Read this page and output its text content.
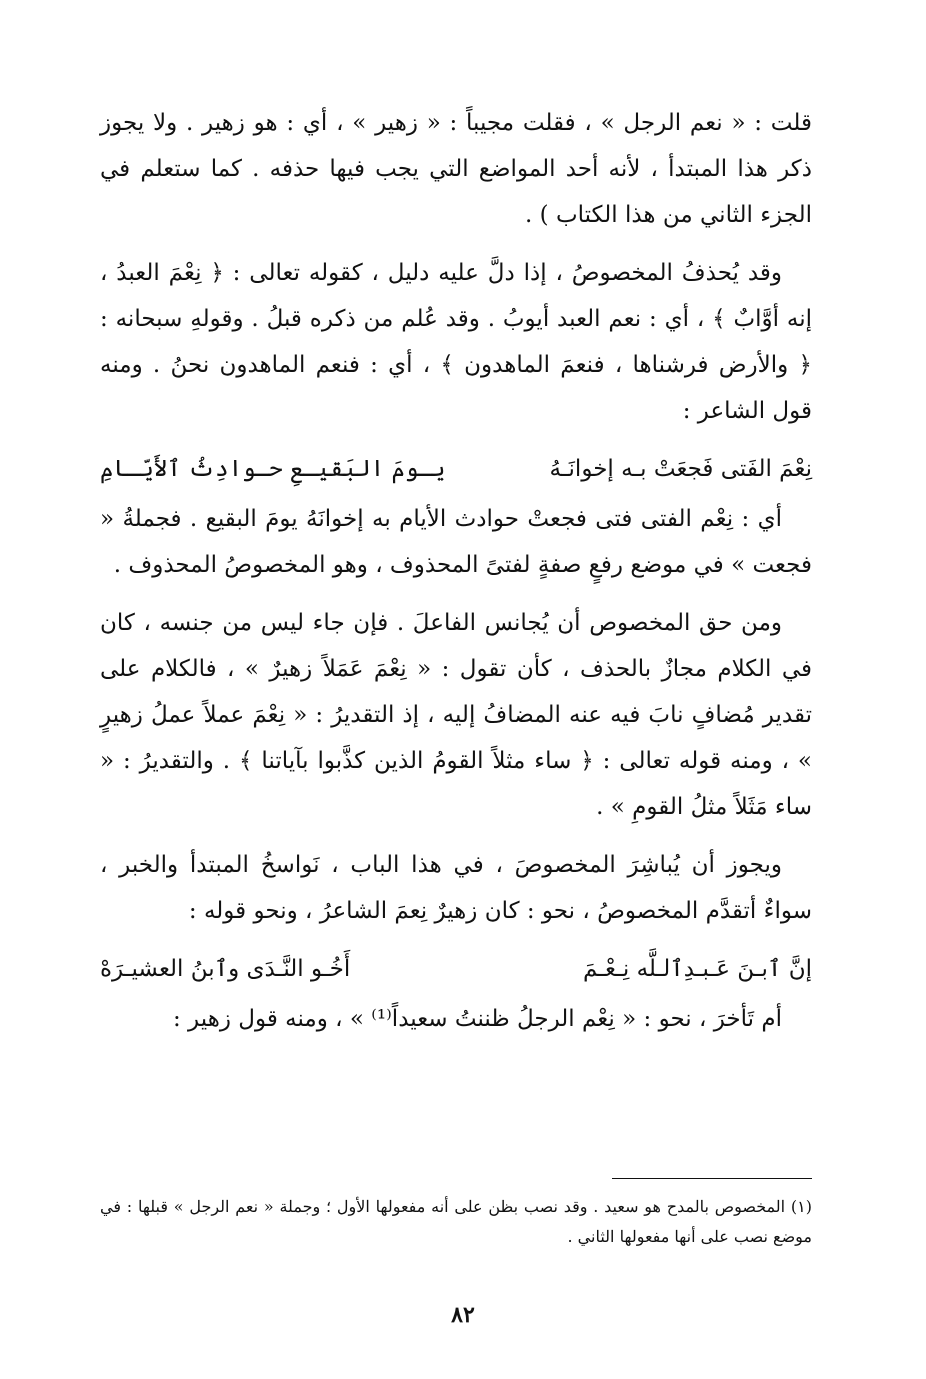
قلت : « نعم الرجل » ، فقلت مجيباً : « زهير » ، أي : هو زهير . ولا يجوز ذكر هذا المبتدأ ، لأنه أحد المواضع التي يجب فيها حذفه . كما ستعلم في الجزء الثاني من هذا الكتاب ) .

وقد يُحذفُ المخصوصُ ، إذا دلَّ عليه دليل ، كقوله تعالى : ﴿ نِعْمَ العبدُ ، إنه أوَّابٌ ﴾ ، أي : نعم العبد أيوبُ . وقد عُلم من ذكره قبلُ . وقولهِ سبحانه : ﴿ والأرض فرشناها ، فنعمَ الماهدون ﴾ ، أي : فنعم الماهدون نحنُ . ومنه قول الشاعر :

نِعْمَ الفَتى فَجعَتْ بـه إخوانَـهُ
يـومَ البَقيـعِ حـوادِثُ ٱلأَيّـامِ

أي : نِعْم الفتى فتى فجعتْ حوادث الأيام به إخوانَهُ يومَ البقيع . فجملةُ « فجعت » في موضع رفعٍ صفةٍ لفتىً المحذوف ، وهو المخصوصُ المحذوف .

ومن حق المخصوص أن يُجانس الفاعلَ . فإن جاء ليس من جنسه ، كان في الكلام مجازٌ بالحذف ، كأن تقول : « نِعْمَ عَمَلاً زهيرٌ » ، فالكلام على تقدير مُضافٍ نابَ فيه عنه المضافُ إليه ، إذ التقديرُ : « نِعْمَ عملاً عملُ زهيرٍ » ، ومنه قوله تعالى : ﴿ ساء مثلاً القومُ الذين كذَّبوا بآياتنا ﴾ . والتقديرُ : « ساء مَثَلاً مثلُ القومِ » .

ويجوز أن يُباشِرَ المخصوصَ ، في هذا الباب ، نَواسخُ المبتدأ والخبر ، سواءٌ أتقدَّم المخصوصُ ، نحو : كان زهيرٌ نِعمَ الشاعرُ ، ونحو قوله :

إنَّ ٱبـنَ عَـبـدِٱلـلَّه نِـعْـمَ
أَخُـو النَّـدَى وٱبنُ العشيـرَهْ

أم تَأخرَ ، نحو : « نِعْم الرجلُ ظننتُ سعيداً⁽¹⁾ » ، ومنه قول زهير :

(١) المخصوص بالمدح هو سعيد . وقد نصب بظن على أنه مفعولها الأول ؛ وجملة « نعم الرجل » قبلها : في موضع نصب على أنها مفعولها الثاني .
٨٢
